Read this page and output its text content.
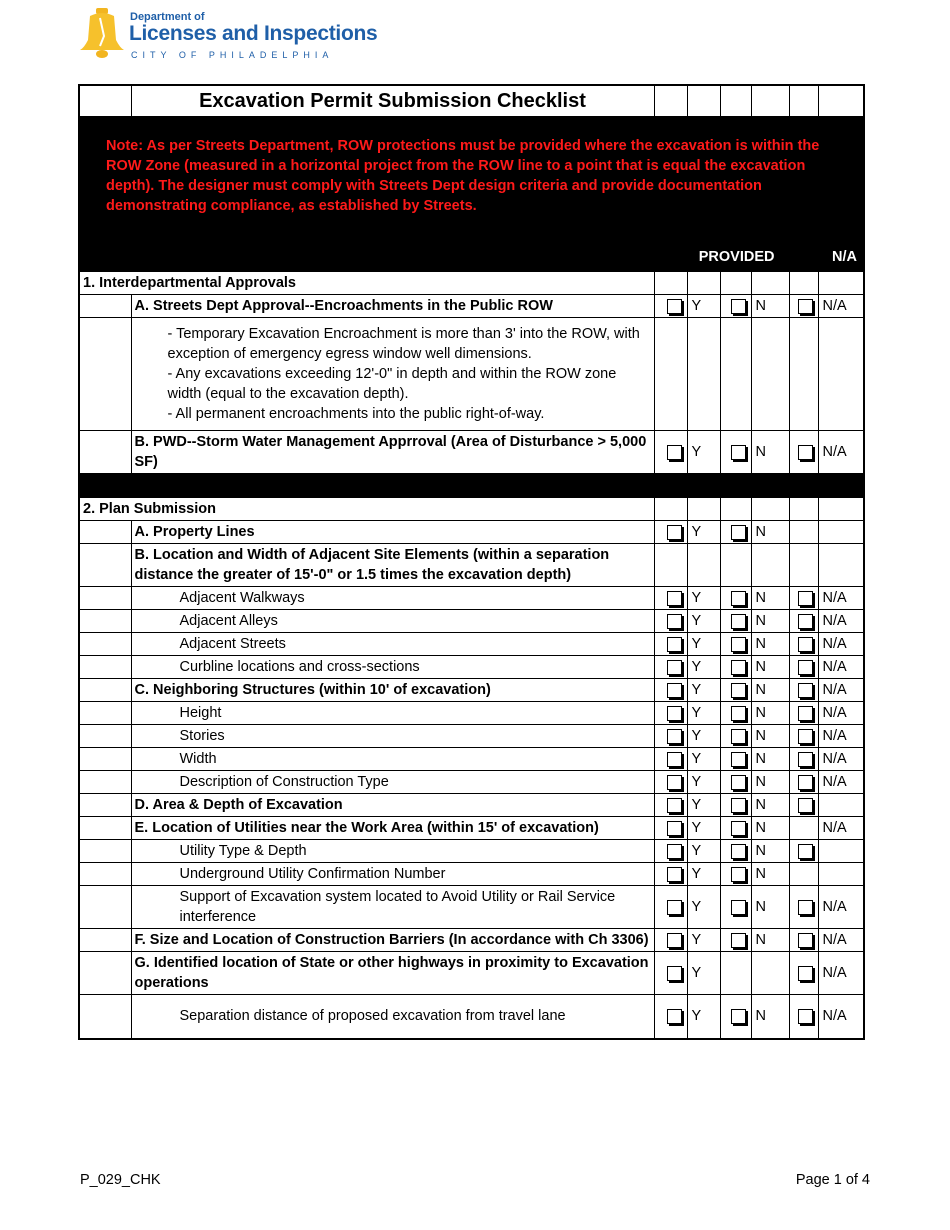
Department of
Licenses and Inspections
CITY OF PHILADELPHIA
	Excavation Permit Submission Checklist						
Note: As per Streets Department, ROW protections must be provided where the excavation is within the ROW Zone (measured in a horizontal project from the ROW line to a point that is equal the excavation depth). The designer must comply with Streets Dept design criteria and provide documentation demonstrating compliance, as established by Streets.							
		PROVIDED				N/A	
1. Interdepartmental Approvals							
	A. Streets Dept Approval--Encroachments in the Public ROW		Y		N		N/A

	- Temporary Excavation Encroachment is more than 3' into the ROW, with exception of emergency egress window well dimensions.
- Any excavations exceeding 12'-0" in depth and within the ROW zone width (equal to the excavation depth).
- All permanent encroachments into the public right-of-way.						

	B. PWD--Storm Water Management Apprroval (Area of Disturbance > 5,000 SF)		Y		N		N/A

2. Plan Submission							
	A. Property Lines		Y		N		
	B. Location and Width of Adjacent Site Elements (within a separation distance the greater of 15'-0" or 1.5 times the excavation depth)						
	Adjacent Walkways		Y		N		N/A
	Adjacent Alleys		Y		N		N/A
	Adjacent Streets		Y		N		N/A
	Curbline locations and cross-sections		Y		N		N/A
	C. Neighboring Structures (within 10' of excavation)		Y		N		N/A
	Height		Y		N		N/A
	Stories		Y		N		N/A
	Width		Y		N		N/A
	Description of Construction Type		Y		N		N/A
	D. Area & Depth of Excavation		Y		N		
	E. Location of Utilities near the Work Area (within 15' of excavation)		Y		N		N/A
	Utility Type & Depth		Y		N		
	Underground Utility Confirmation Number		Y		N		
	Support of Excavation system located to Avoid Utility or Rail Service interference		Y		N		N/A
	F. Size and Location of Construction Barriers (In accordance with Ch 3306)		Y		N		N/A
	G. Identified location of State or other highways in proximity to Excavation operations		Y				N/A
	Separation distance of proposed excavation from travel lane		Y		N		N/A
P_029_CHK	Page 1 of 4
